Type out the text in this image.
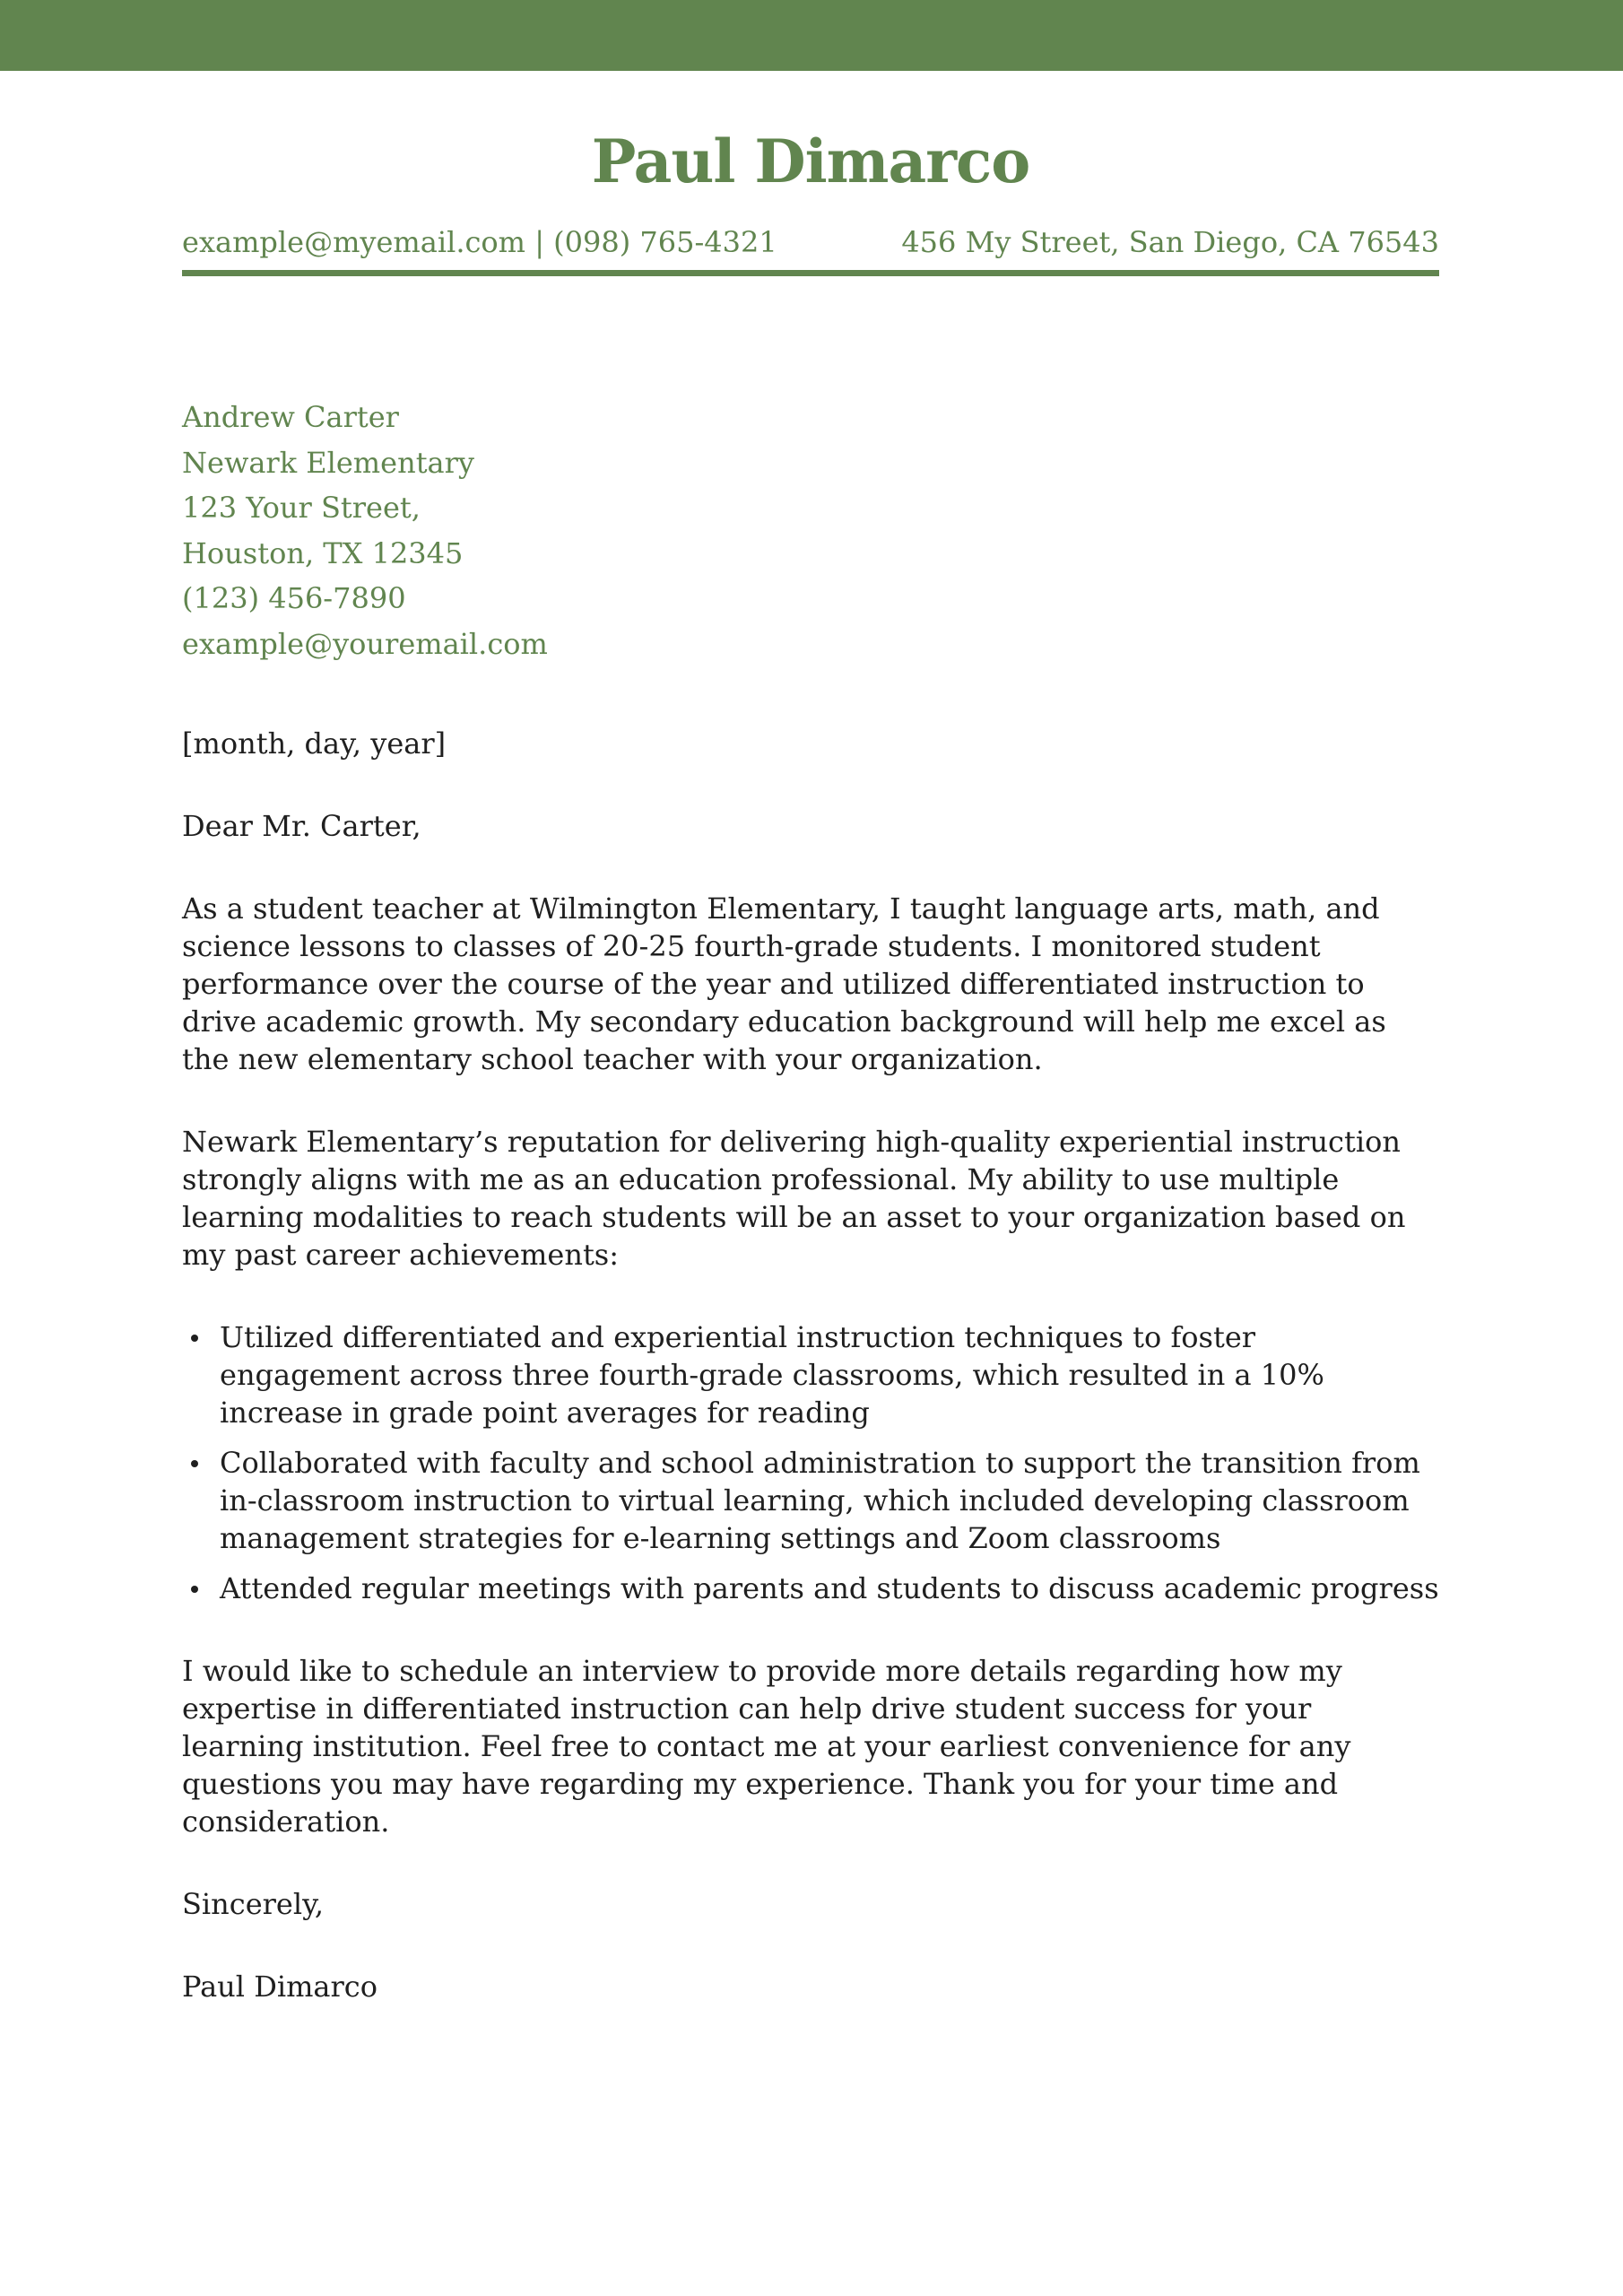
Paul Dimarco
example@myemail.com | (098) 765-4321	456 My Street, San Diego, CA 76543
Andrew Carter
Newark Elementary
123 Your Street,
Houston, TX 12345
(123) 456-7890
example@youremail.com

[month, day, year]

Dear Mr. Carter,

As a student teacher at Wilmington Elementary, I taught language arts, math, and science lessons to classes of 20-25 fourth-grade students. I monitored student performance over the course of the year and utilized differentiated instruction to drive academic growth. My secondary education background will help me excel as the new elementary school teacher with your organization.

Newark Elementary’s reputation for delivering high-quality experiential instruction strongly aligns with me as an education professional. My ability to use multiple learning modalities to reach students will be an asset to your organization based on my past career achievements:

Utilized differentiated and experiential instruction techniques to foster engagement across three fourth-grade classrooms, which resulted in a 10% increase in grade point averages for reading
Collaborated with faculty and school administration to support the transition from in-classroom instruction to virtual learning, which included developing classroom management strategies for e-learning settings and Zoom classrooms
Attended regular meetings with parents and students to discuss academic progress

I would like to schedule an interview to provide more details regarding how my expertise in differentiated instruction can help drive student success for your learning institution. Feel free to contact me at your earliest convenience for any questions you may have regarding my experience. Thank you for your time and consideration.

Sincerely,

Paul Dimarco
